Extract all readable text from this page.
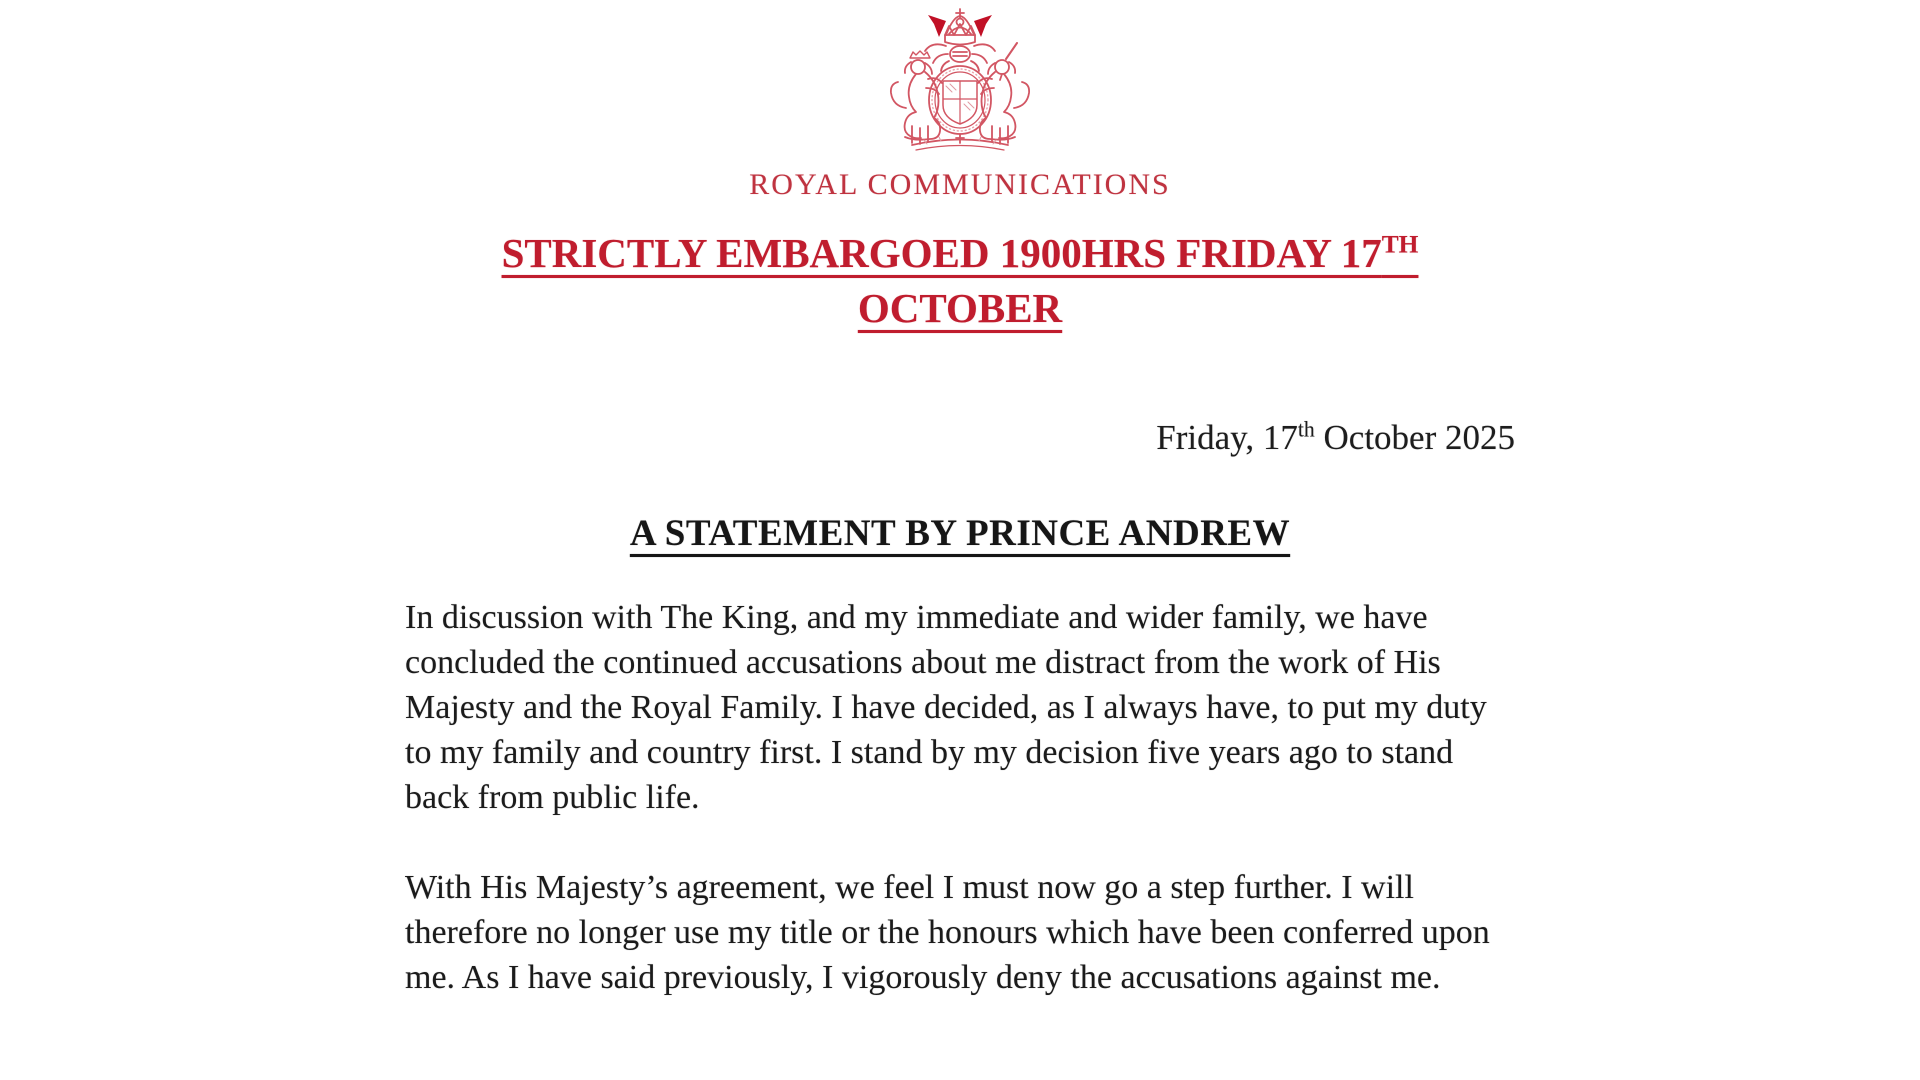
ROYAL COMMUNICATIONS
STRICTLY EMBARGOED 1900HRS FRIDAY 17TH
OCTOBER
Friday, 17th October 2025
A STATEMENT BY PRINCE ANDREW

In discussion with The King, and my immediate and wider family, we have concluded the continued accusations about me distract from the work of His Majesty and the Royal Family. I have decided, as I always have, to put my duty to my family and country first. I stand by my decision five years ago to stand back from public life.

With His Majesty’s agreement, we feel I must now go a step further. I will therefore no longer use my title or the honours which have been conferred upon me. As I have said previously, I vigorously deny the accusations against me.
